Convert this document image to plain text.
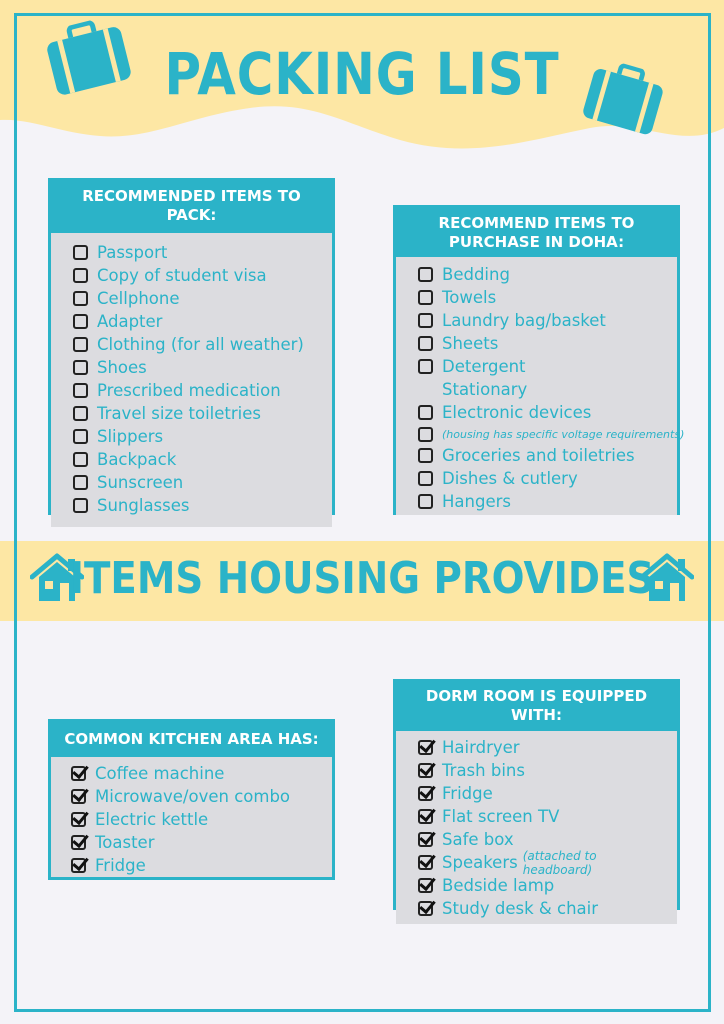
PACKING LIST
RECOMMENDED ITEMS TO PACK:
Passport
Copy of student visa
Cellphone
Adapter
Clothing (for all weather)
Shoes
Prescribed medication
Travel size toiletries
Slippers
Backpack
Sunscreen
Sunglasses
RECOMMEND ITEMS TO
PURCHASE IN DOHA:
Bedding
Towels
Laundry bag/basket
Sheets
Detergent
Stationary
Electronic devices
(housing has specific voltage requirements)
Groceries and toiletries
Dishes & cutlery
Hangers
ITEMS HOUSING PROVIDES
COMMON KITCHEN AREA HAS:
Coffee machine
Microwave/oven combo
Electric kettle
Toaster
Fridge
DORM ROOM IS EQUIPPED WITH:
Hairdryer
Trash bins
Fridge
Flat screen TV
Safe box
Speakers (attached to headboard)
Bedside lamp
Study desk & chair
